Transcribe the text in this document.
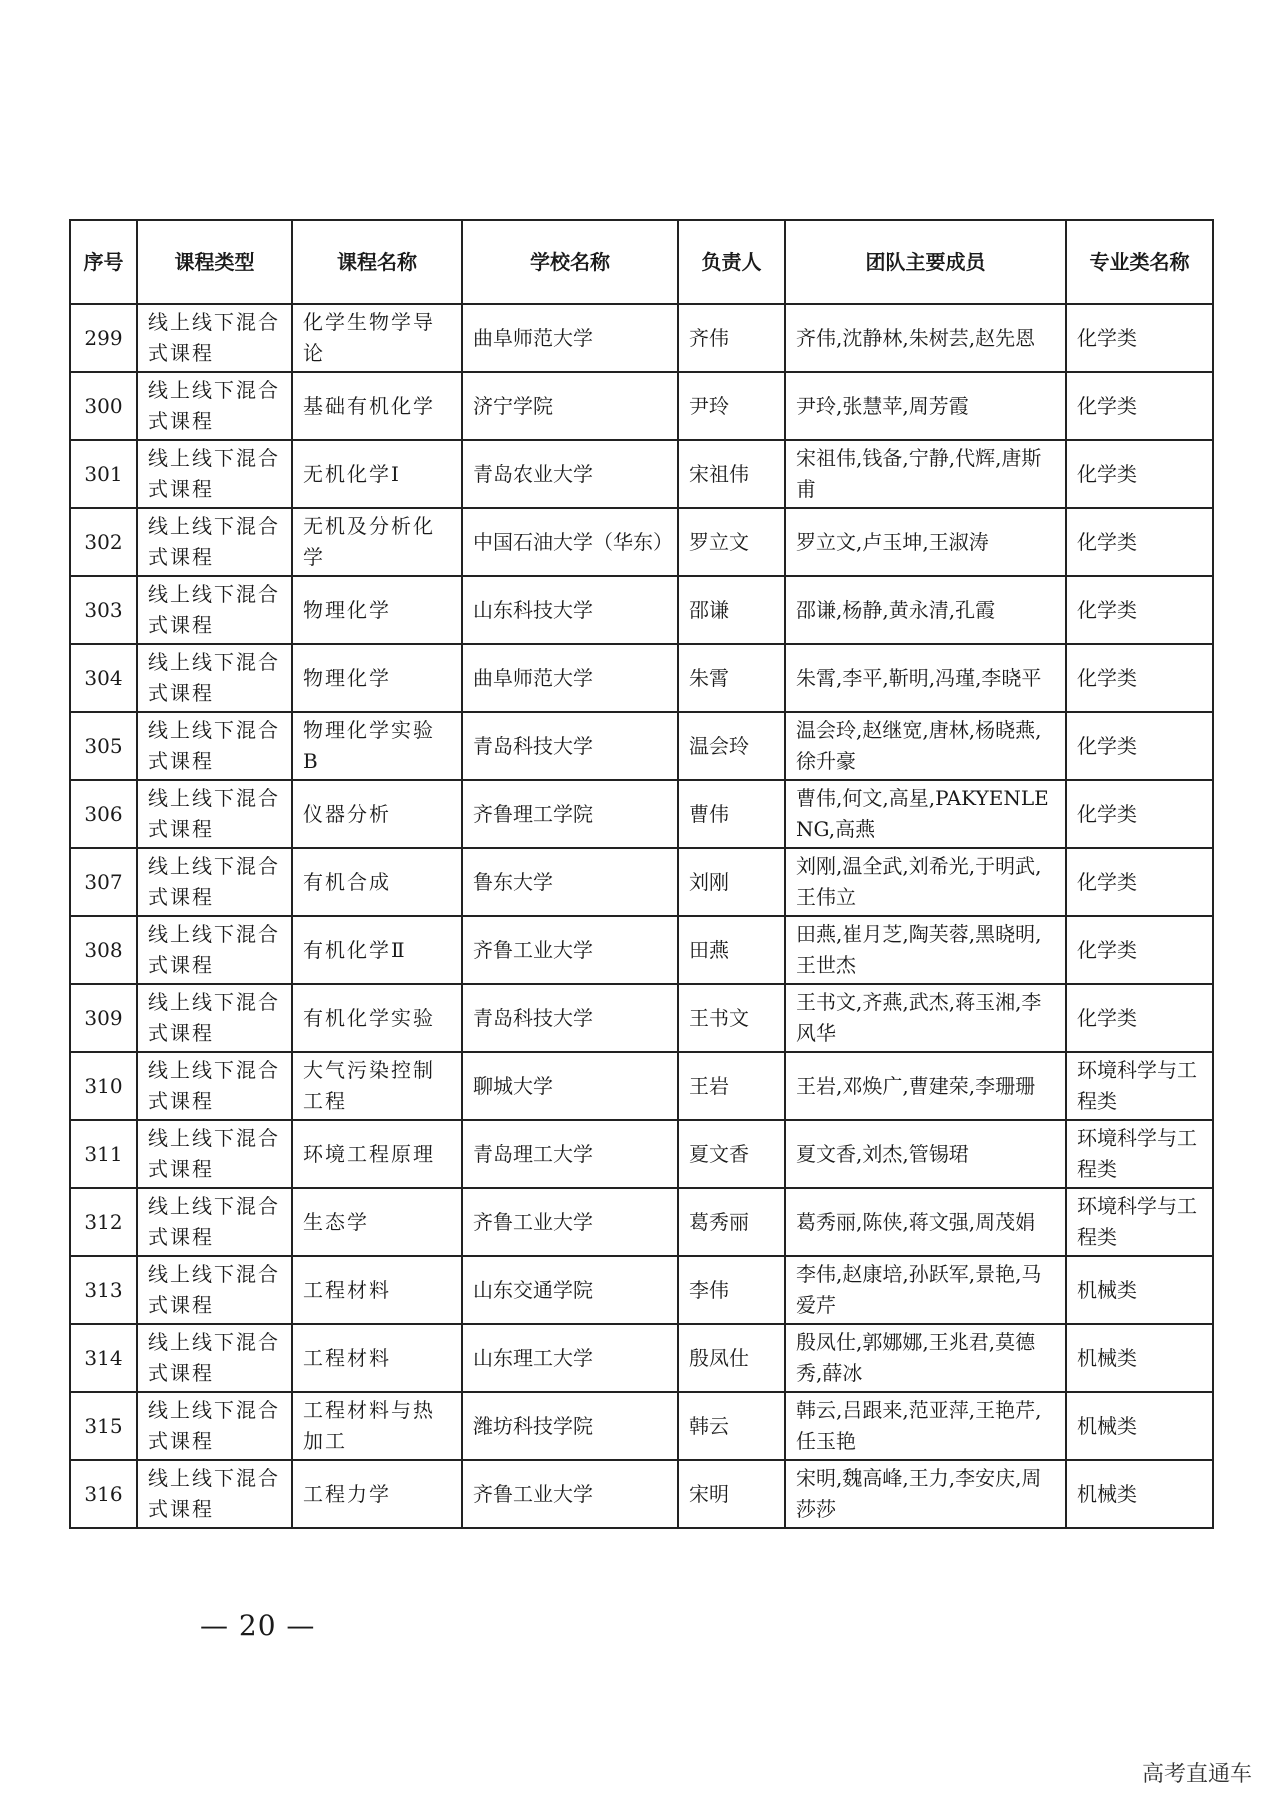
序号	课程类型	课程名称	学校名称	负责人	团队主要成员	专业类名称
299	线上线下混合式课程	化学生物学导论	曲阜师范大学	齐伟	齐伟,沈静林,朱树芸,赵先恩	化学类
300	线上线下混合式课程	基础有机化学	济宁学院	尹玲	尹玲,张慧苹,周芳霞	化学类
301	线上线下混合式课程	无机化学Ⅰ	青岛农业大学	宋祖伟	宋祖伟,钱备,宁静,代辉,唐斯甫	化学类
302	线上线下混合式课程	无机及分析化学	中国石油大学（华东）	罗立文	罗立文,卢玉坤,王淑涛	化学类
303	线上线下混合式课程	物理化学	山东科技大学	邵谦	邵谦,杨静,黄永清,孔霞	化学类
304	线上线下混合式课程	物理化学	曲阜师范大学	朱霄	朱霄,李平,靳明,冯瑾,李晓平	化学类
305	线上线下混合式课程	物理化学实验B	青岛科技大学	温会玲	温会玲,赵继宽,唐林,杨晓燕,徐升豪	化学类
306	线上线下混合式课程	仪器分析	齐鲁理工学院	曹伟	曹伟,何文,高星,PAKYENLENG,高燕	化学类
307	线上线下混合式课程	有机合成	鲁东大学	刘刚	刘刚,温全武,刘希光,于明武,王伟立	化学类
308	线上线下混合式课程	有机化学Ⅱ	齐鲁工业大学	田燕	田燕,崔月芝,陶芙蓉,黑晓明,王世杰	化学类
309	线上线下混合式课程	有机化学实验	青岛科技大学	王书文	王书文,齐燕,武杰,蒋玉湘,李风华	化学类
310	线上线下混合式课程	大气污染控制工程	聊城大学	王岩	王岩,邓焕广,曹建荣,李珊珊	环境科学与工程类
311	线上线下混合式课程	环境工程原理	青岛理工大学	夏文香	夏文香,刘杰,管锡珺	环境科学与工程类
312	线上线下混合式课程	生态学	齐鲁工业大学	葛秀丽	葛秀丽,陈侠,蒋文强,周茂娟	环境科学与工程类
313	线上线下混合式课程	工程材料	山东交通学院	李伟	李伟,赵康培,孙跃军,景艳,马爱芹	机械类
314	线上线下混合式课程	工程材料	山东理工大学	殷凤仕	殷凤仕,郭娜娜,王兆君,莫德秀,薛冰	机械类
315	线上线下混合式课程	工程材料与热加工	潍坊科技学院	韩云	韩云,吕跟来,范亚萍,王艳芹,任玉艳	机械类
316	线上线下混合式课程	工程力学	齐鲁工业大学	宋明	宋明,魏高峰,王力,李安庆,周莎莎	机械类
— 20 —
高考直通车
